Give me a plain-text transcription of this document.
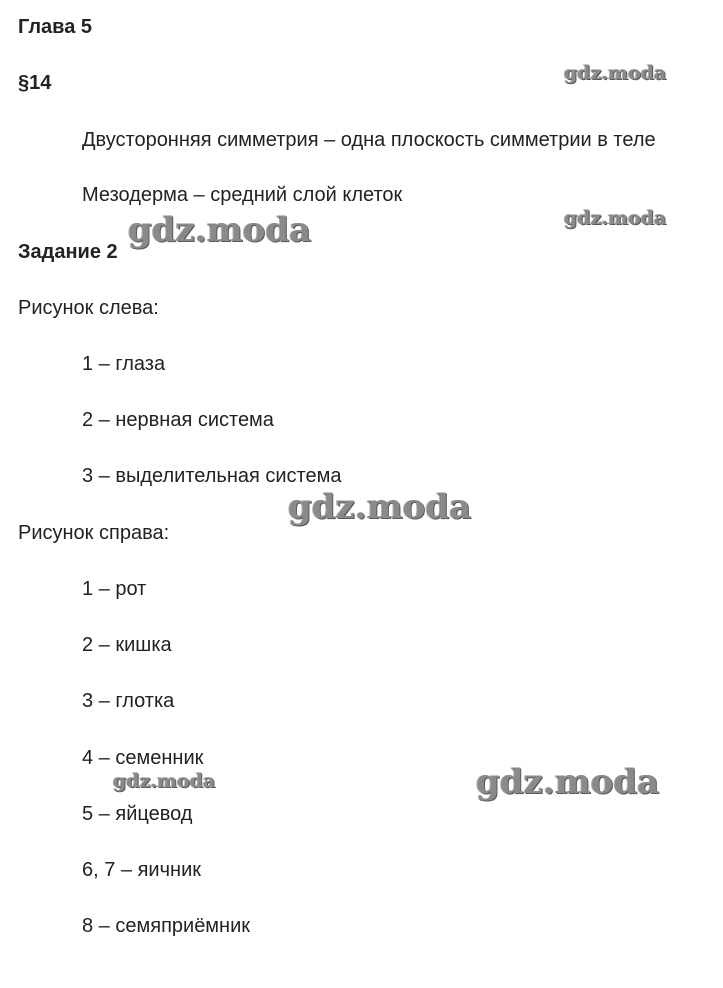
Глава 5
§14
Двусторонняя симметрия – одна плоскость симметрии в теле
Мезодерма – средний слой клеток
Задание 2
Рисунок слева:
1 – глаза
2 – нервная система
3 – выделительная система
Рисунок справа:
1 – рот
2 – кишка
3 – глотка
4 – семенник
5 – яйцевод
6, 7 – яичник
8 – семяприёмник
gdz.moda
gdz.moda
gdz.moda
gdz.moda
gdz.moda	gdz.moda
